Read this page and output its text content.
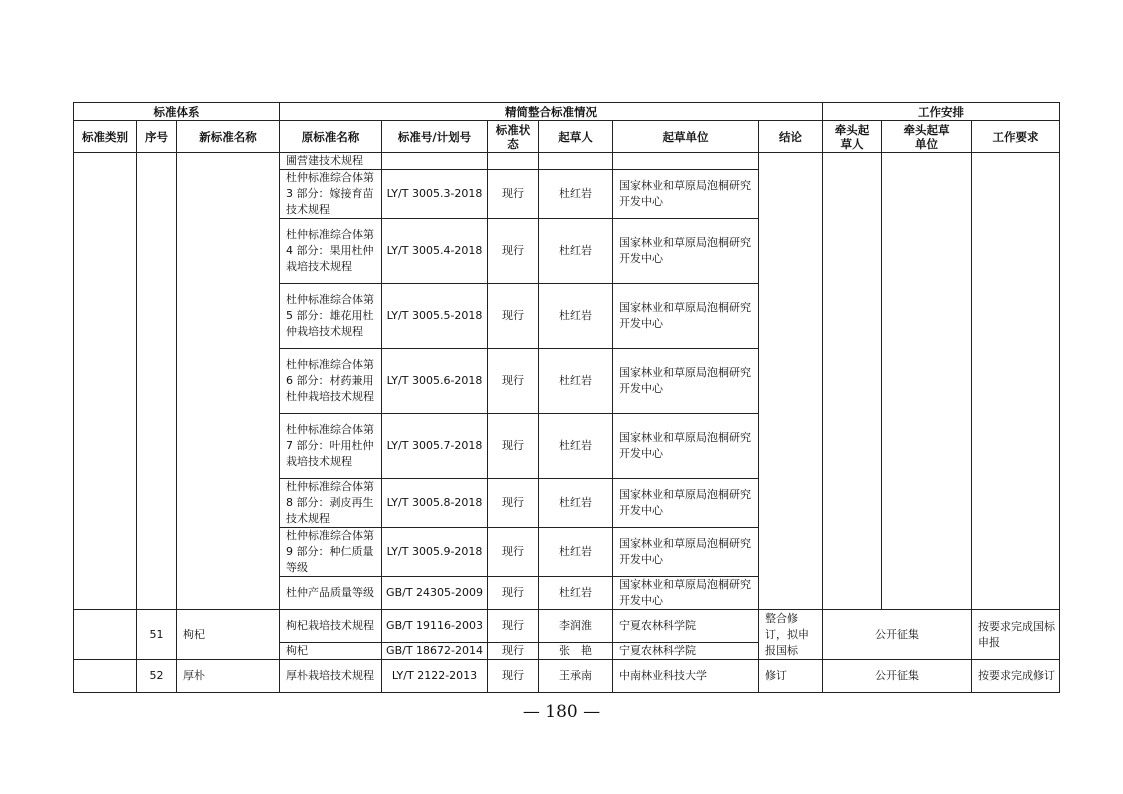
标准体系			精简整合标准情况						工作安排		
标准类别	序号	新标准名称	原标准名称	标准号/计划号	标准状态	起草人	起草单位	结论	牵头起草人	牵头起草单位	工作要求
			圃营建技术规程								
			杜仲标准综合体第 3 部分：嫁接育苗技术规程	LY/T 3005.3-2018	现行	杜红岩	国家林业和草原局泡桐研究开发中心				
			杜仲标准综合体第 4 部分：果用杜仲栽培技术规程	LY/T 3005.4-2018	现行	杜红岩	国家林业和草原局泡桐研究开发中心				
			杜仲标准综合体第 5 部分：雄花用杜仲栽培技术规程	LY/T 3005.5-2018	现行	杜红岩	国家林业和草原局泡桐研究开发中心				
			杜仲标准综合体第 6 部分：材药兼用杜仲栽培技术规程	LY/T 3005.6-2018	现行	杜红岩	国家林业和草原局泡桐研究开发中心				
			杜仲标准综合体第 7 部分：叶用杜仲栽培技术规程	LY/T 3005.7-2018	现行	杜红岩	国家林业和草原局泡桐研究开发中心				
			杜仲标准综合体第 8 部分：剥皮再生技术规程	LY/T 3005.8-2018	现行	杜红岩	国家林业和草原局泡桐研究开发中心				
			杜仲标准综合体第 9 部分：种仁质量等级	LY/T 3005.9-2018	现行	杜红岩	国家林业和草原局泡桐研究开发中心				
			杜仲产品质量等级	GB/T 24305-2009	现行	杜红岩	国家林业和草原局泡桐研究开发中心				
	51	枸杞	枸杞栽培技术规程	GB/T 19116-2003	现行	李润淮	宁夏农林科学院	整合修订，拟申报国标	公开征集		按要求完成国标申报
			枸杞	GB/T 18672-2014	现行	张　艳	宁夏农林科学院				
	52	厚朴	厚朴栽培技术规程	LY/T 2122-2013	现行	王承南	中南林业科技大学	修订	公开征集		按要求完成修订
— 180 —
